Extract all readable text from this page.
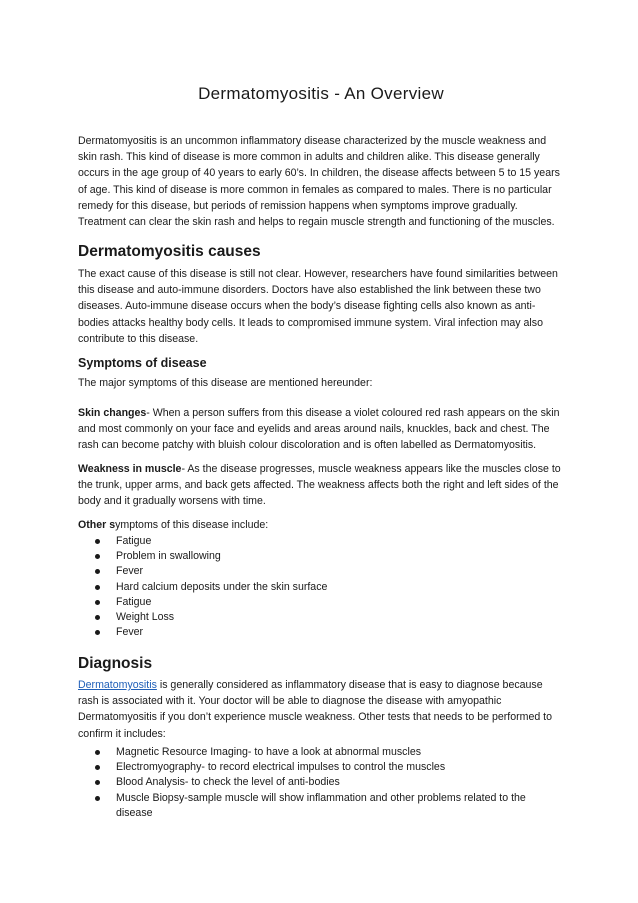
Dermatomyositis - An Overview

Dermatomyositis is an uncommon inflammatory disease characterized by the muscle weakness and skin rash. This kind of disease is more common in adults and children alike. This disease generally occurs in the age group of 40 years to early 60’s. In children, the disease affects between 5 to 15 years of age. This kind of disease is more common in females as compared to males. There is no particular remedy for this disease, but periods of remission happens when symptoms improve gradually. Treatment can clear the skin rash and helps to regain muscle strength and functioning of the muscles.

Dermatomyositis causes

The exact cause of this disease is still not clear. However, researchers have found similarities between this disease and auto-immune disorders. Doctors have also established the link between these two diseases. Auto-immune disease occurs when the body’s disease fighting cells also known as anti-bodies attacks healthy body cells. It leads to compromised immune system. Viral infection may also contribute to this disease.

Symptoms of disease

The major symptoms of this disease are mentioned hereunder:

Skin changes- When a person suffers from this disease a violet coloured red rash appears on the skin and most commonly on your face and eyelids and areas around nails, knuckles, back and chest. The rash can become patchy with bluish colour discoloration and is often labelled as Dermatomyositis.

Weakness in muscle- As the disease progresses, muscle weakness appears like the muscles close to the trunk, upper arms, and back gets affected. The weakness affects both the right and left sides of the body and it gradually worsens with time.

Other symptoms of this disease include:

Fatigue
Problem in swallowing
Fever
Hard calcium deposits under the skin surface
Fatigue
Weight Loss
Fever
Diagnosis

Dermatomyositis is generally considered as inflammatory disease that is easy to diagnose because rash is associated with it. Your doctor will be able to diagnose the disease with amyopathic Dermatomyositis if you don’t experience muscle weakness. Other tests that needs to be performed to confirm it includes:

Magnetic Resource Imaging- to have a look at abnormal muscles
Electromyography- to record electrical impulses to control the muscles
Blood Analysis- to check the level of anti-bodies
Muscle Biopsy-sample muscle will show inflammation and other problems related to the disease
